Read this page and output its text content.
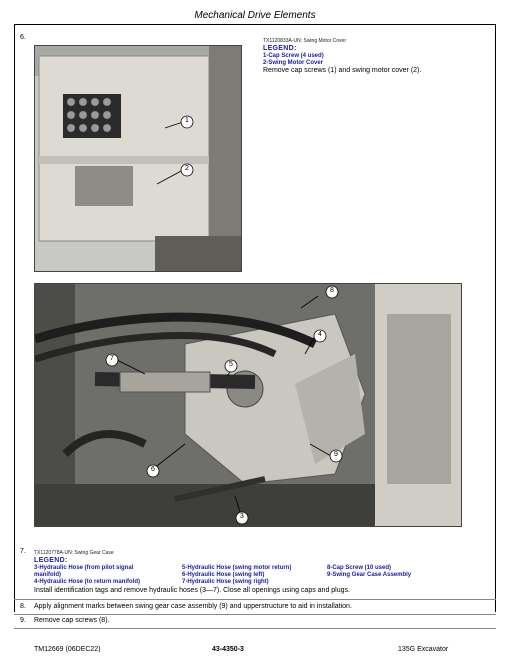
Mechanical Drive Elements
6.
1
2
TX1120833A-UN: Swing Motor Cover
LEGEND:
1-Cap Screw (4 used)
2-Swing Motor Cover
Remove cap screws (1) and swing motor cover (2).
8
4
7
5
6
9
3
7. TX1120778A-UN: Swing Gear Case
LEGEND:
3-Hydraulic Hose (from pilot signal
manifold)
4-Hydraulic Hose (to return manifold)
5-Hydraulic Hose (swing motor return)
6-Hydraulic Hose (swing left)
7-Hydraulic Hose (swing right)
8-Cap Screw (10 used)
9-Swing Gear Case Assembly
Install identification tags and remove hydraulic hoses (3—7). Close all openings using caps and plugs.
8. Apply alignment marks between swing gear case assembly (9) and upperstructure to aid in installation.
9. Remove cap screws (8).
TM12669 (06DEC22)	43-4350-3	135G Excavator
